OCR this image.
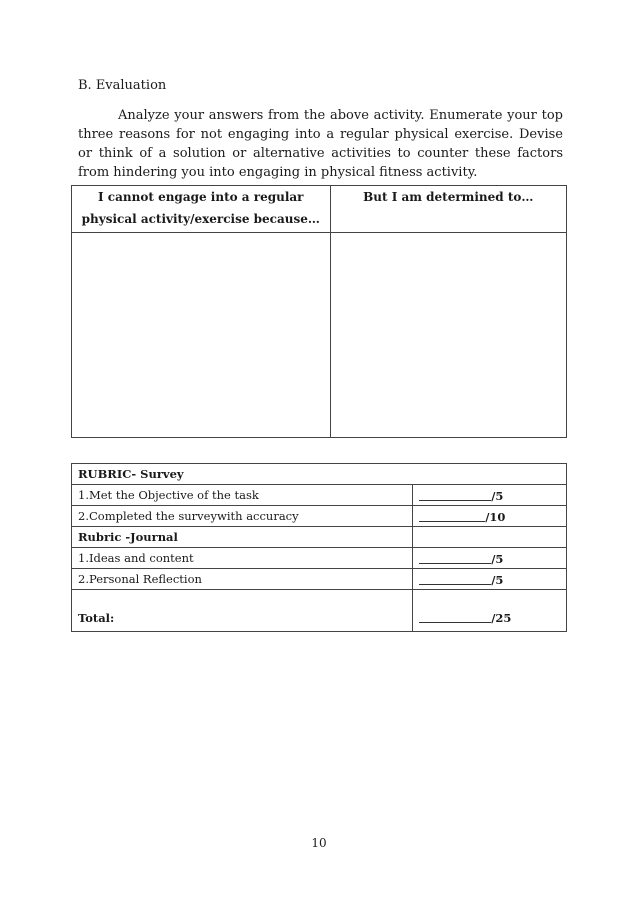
B. Evaluation
Analyze your answers from the above activity. Enumerate your top three reasons for not engaging into a regular physical exercise. Devise or think of a solution or alternative activities to counter these factors from hindering you into engaging in physical fitness activity.
I cannot engage into a regular
physical activity/exercise because…	But I am determined to…

RUBRIC- Survey	
1.Met the Objective of the task	/5
2.Completed the surveywith accuracy	/10
Rubric -Journal	
1.Ideas and content	/5
2.Personal Reflection	/5
Total:	/25
10
